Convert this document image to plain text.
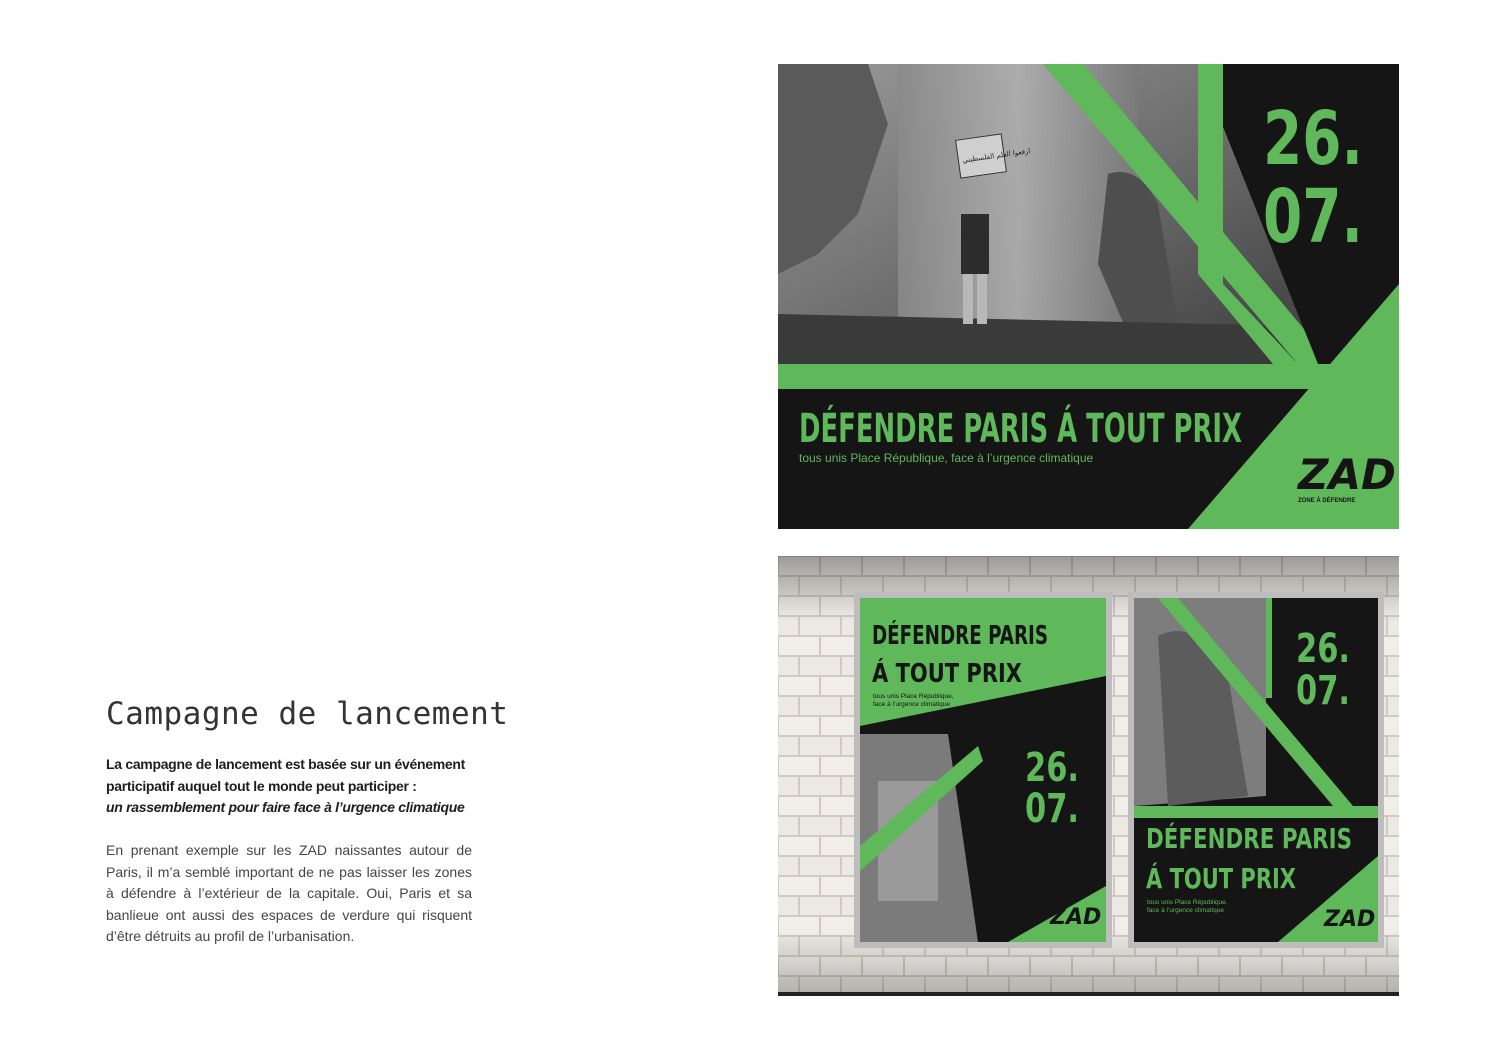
Campagne de lancement
La campagne de lancement est basée sur un événement
participatif auquel tout le monde peut participer :
un rassemblement pour faire face à l’urgence climatique

En prenant exemple sur les ZAD naissantes autour de Paris, il m’a semblé important de ne pas laisser les zones à défendre à l’extérieur de la capitale. Oui, Paris et sa banlieue ont aussi des espaces de verdure qui risquent d’être détruits au profil de l’urbanisation.

ارفعوا العلم الفلسطيني	26.
07.
DÉFENDRE PARIS Á TOUT PRIX
tous unis Place République, face à l’urgence climatique	ZAD
ZONE À DÉFENDRE
DÉFENDRE PARIS
Á TOUT PRIX
tous unis Place République,
face à l’urgence climatique
26.
07.
ZAD
26.
07.
DÉFENDRE PARIS
Á TOUT PRIX
tous unis Place République,
face à l’urgence climatique	ZAD
